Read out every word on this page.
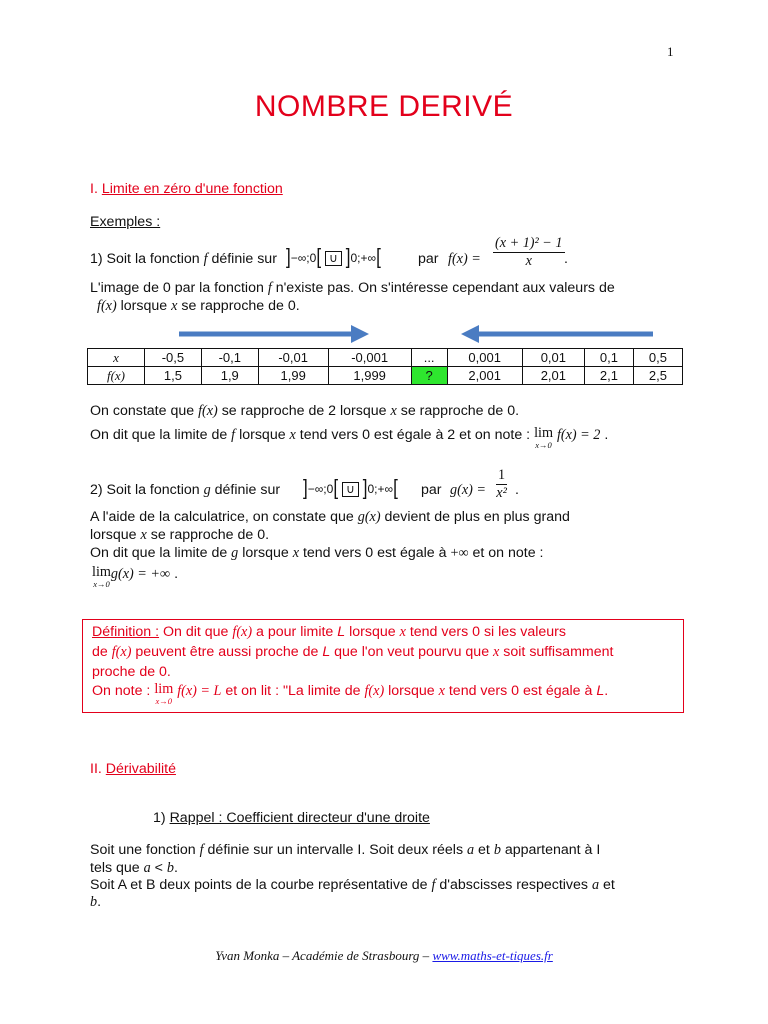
1
NOMBRE DERIVÉ
I. Limite en zéro d'une fonction
Exemples :
1) Soit la fonction f définie sur ]−∞;0[ ∪ ]0;+∞[	par $f(x) = \frac{\text{(x + 1)² − 1}}{x}$ .
L'image de 0 par la fonction f n'existe pas. On s'intéresse cependant aux valeurs de
f(x) lorsque x se rapproche de 0.
x	-0,5	-0,1	-0,01	-0,001	...	0,001	0,01	0,1	0,5
f(x)	1,5	1,9	1,99	1,999	?	2,001	2,01	2,1	2,5
On constate que f(x) se rapproche de 2 lorsque x se rapproche de 0.
On dit que la limite de f lorsque x tend vers 0 est égale à 2 et on note : lim
x→0
f(x) = 2 .
2) Soit la fonction g définie sur ]−∞;0[ ∪ ]0;+∞[ par $g(x) = \frac{1}{\text{x²}}$ .
A l'aide de la calculatrice, on constate que g(x) devient de plus en plus grand
lorsque x se rapproche de 0.
On dit que la limite de g lorsque x tend vers 0 est égale à +∞ et on note :
lim
x→0
g(x) = +∞ .
Définition : On dit que f(x) a pour limite L lorsque x tend vers 0 si les valeurs
de f(x) peuvent être aussi proche de L que l'on veut pourvu que x soit suffisamment
proche de 0.
On note : lim
x→0
f(x) = L et on lit : "La limite de f(x) lorsque x tend vers 0 est égale à L.
II. Dérivabilité
1) Rappel : Coefficient directeur d'une droite
Soit une fonction f définie sur un intervalle I. Soit deux réels a et b appartenant à I
tels que a < b.
Soit A et B deux points de la courbe représentative de f d'abscisses respectives a et
b.
Yvan Monka – Académie de Strasbourg – www.maths-et-tiques.fr
